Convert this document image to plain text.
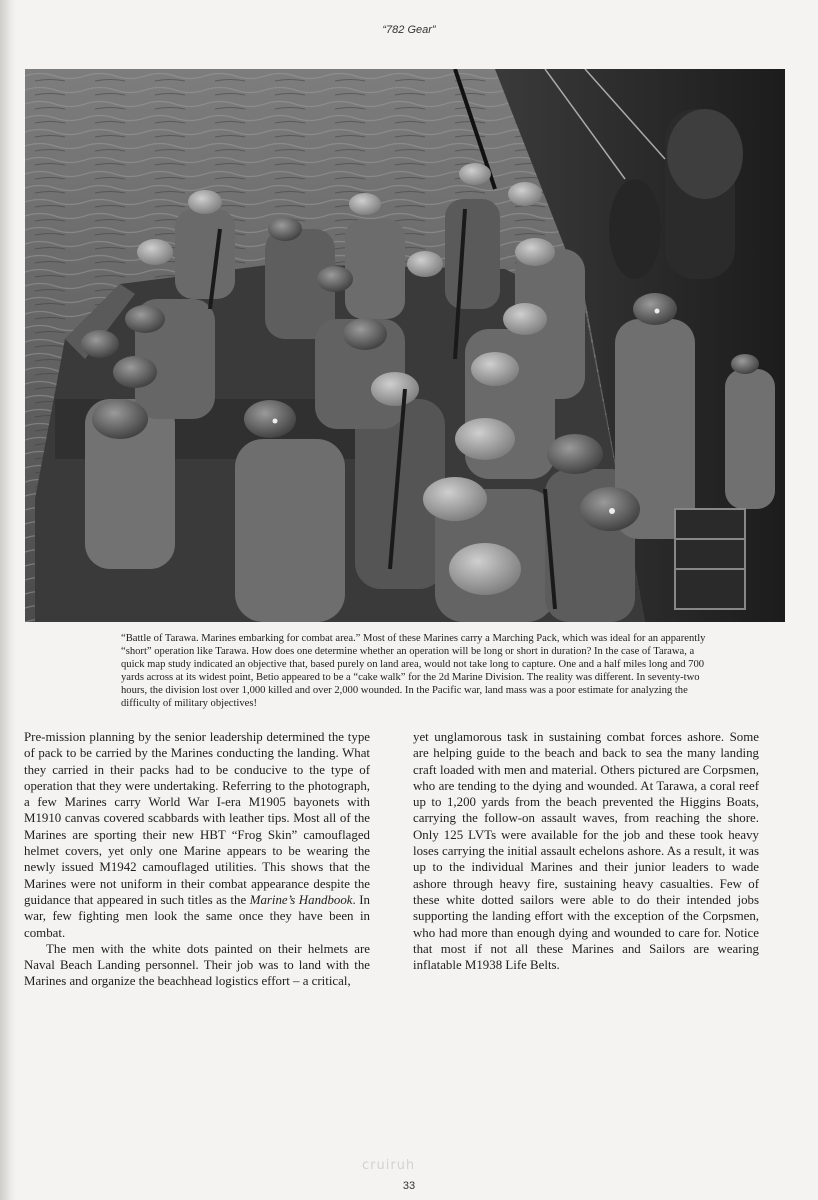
“782 Gear”

“Battle of Tarawa. Marines embarking for combat area.” Most of these Marines carry a Marching Pack, which was ideal for an apparently “short” operation like Tarawa. How does one determine whether an operation will be long or short in duration? In the case of Tarawa, a quick map study indicated an objective that, based purely on land area, would not take long to capture. One and a half miles long and 700 yards across at its widest point, Betio appeared to be a “cake walk” for the 2d Marine Division. The reality was different. In seventy-two hours, the division lost over 1,000 killed and over 2,000 wounded. In the Pacific war, land mass was a poor estimate for analyzing the difficulty of military objectives!

Pre-mission planning by the senior leadership determined the type of pack to be carried by the Marines conducting the landing. What they carried in their packs had to be conducive to the type of operation that they were undertaking. Referring to the photograph, a few Marines carry World War I-era M1905 bayonets with M1910 canvas covered scabbards with leather tips. Most all of the Marines are sporting their new HBT “Frog Skin” camouflaged helmet covers, yet only one Marine appears to be wearing the newly issued M1942 camouflaged utilities. This shows that the Marines were not uniform in their combat appearance despite the guidance that appeared in such titles as the Marine’s Handbook. In war, few fighting men look the same once they have been in combat.

The men with the white dots painted on their helmets are Naval Beach Landing personnel. Their job was to land with the Marines and organize the beachhead logistics effort – a critical,

yet unglamorous task in sustaining combat forces ashore. Some are helping guide to the beach and back to sea the many landing craft loaded with men and material. Others pictured are Corpsmen, who are tending to the dying and wounded. At Tarawa, a coral reef up to 1,200 yards from the beach prevented the Higgins Boats, carrying the follow-on assault waves, from reaching the shore. Only 125 LVTs were available for the job and these took heavy loses carrying the initial assault echelons ashore. As a result, it was up to the individual Marines and their junior leaders to wade ashore through heavy fire, sustaining heavy casualties. Few of these white dotted sailors were able to do their intended jobs supporting the landing effort with the exception of the Corpsmen, who had more than enough dying and wounded to care for. Notice that most if not all these Marines and Sailors are wearing inflatable M1938 Life Belts.

cruiruh
33
